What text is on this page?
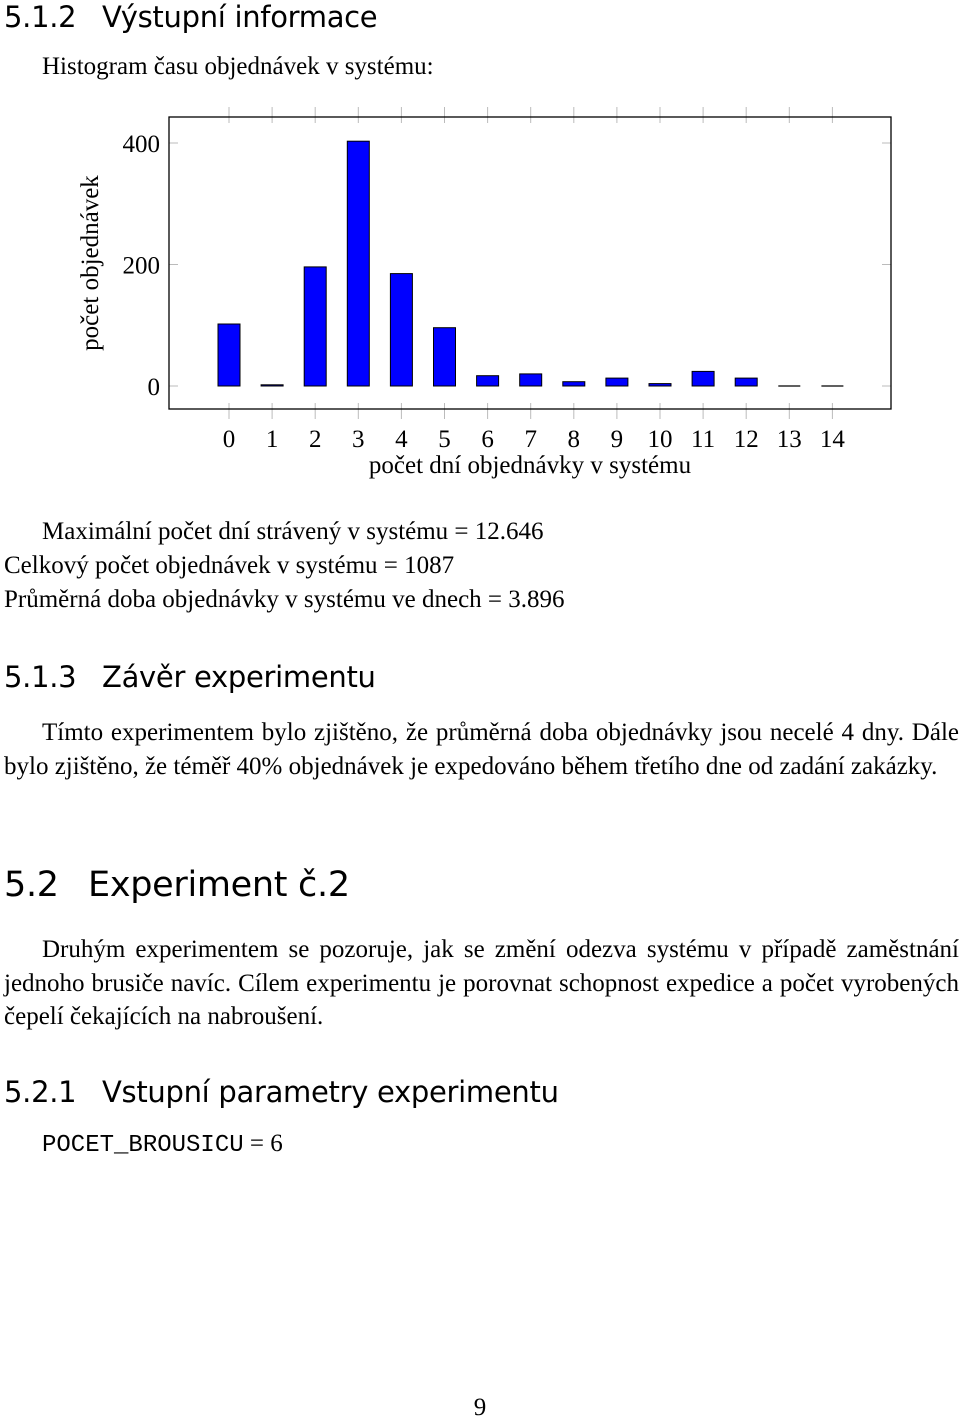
5.1.2 Výstupní informace
Histogram času objednávek v systému:
0
200
400
0 1 2 3 4 5 6 7 8 9 10 11 12 13 14
počet objednávek
počet dní objednávky v systému
Maximální počet dní strávený v systému = 12.646
Celkový počet objednávek v systému = 1087
Průměrná doba objednávky v systému ve dnech = 3.896
5.1.3 Závěr experimentu
Tímto experimentem bylo zjištěno, že průměrná doba objednávky jsou necelé 4 dny. Dále bylo zjištěno, že téměř 40% objednávek je expedováno během třetího dne od zadání zakázky.
5.2 Experiment č.2
Druhým experimentem se pozoruje, jak se změní odezva systému v případě zaměstnání jednoho brusiče navíc. Cílem experimentu je porovnat schopnost expedice a počet vyrobených čepelí čekajících na nabroušení.
5.2.1 Vstupní parametry experimentu
POCET_BROUSICU = 6
9
